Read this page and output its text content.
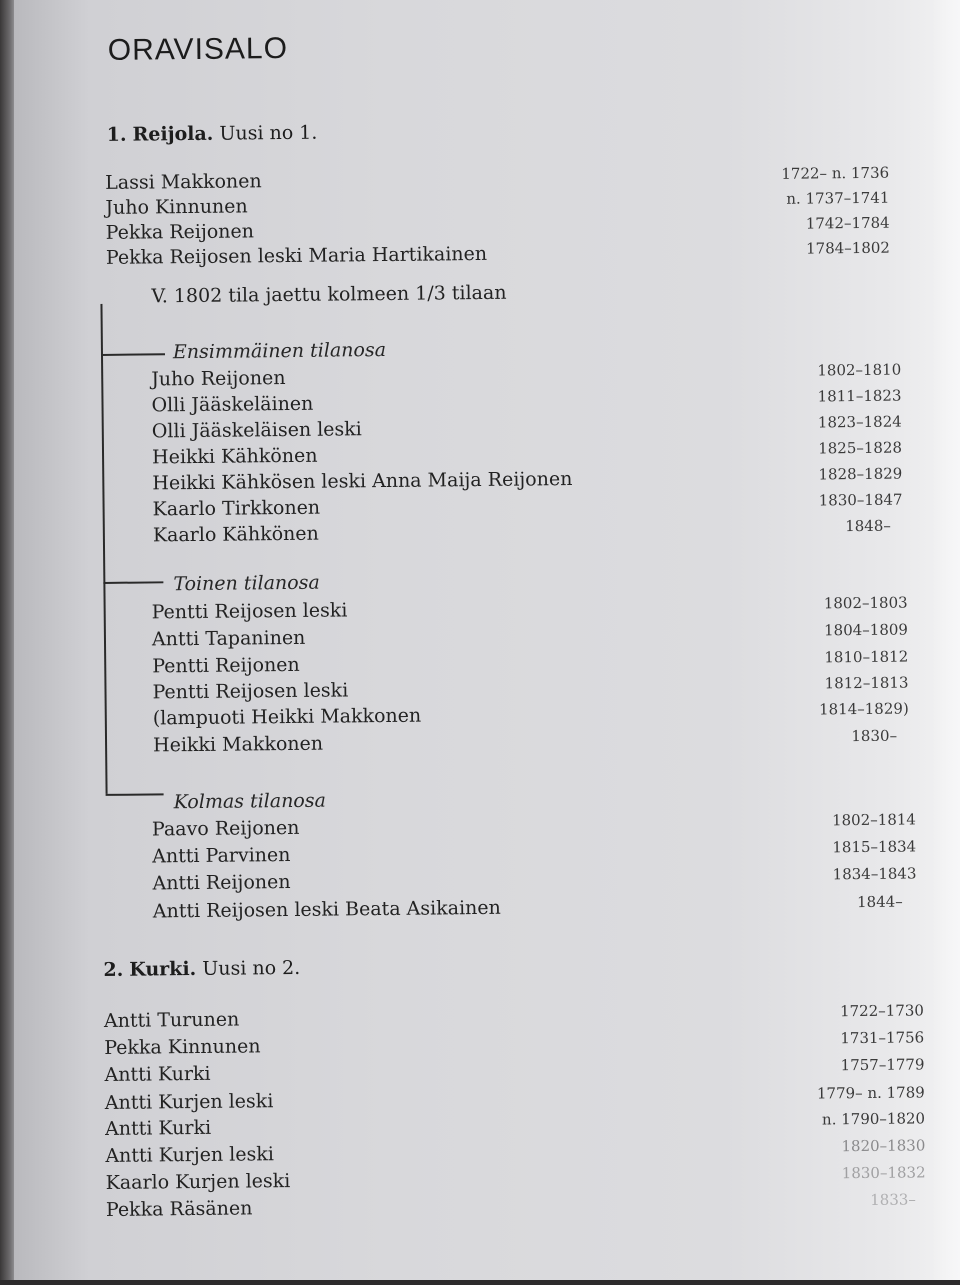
ORAVISALO
1. Reijola. Uusi no 1.
Lassi Makkonen	1722– n. 1736
Juho Kinnunen	n. 1737–1741
Pekka Reijonen	1742–1784
Pekka Reijosen leski Maria Hartikainen	1784–1802
V. 1802 tila jaettu kolmeen 1/3 tilaan
Ensimmäinen tilanosa
Juho Reijonen	1802–1810
Olli Jääskeläinen	1811–1823
Olli Jääskeläisen leski	1823–1824
Heikki Kähkönen	1825–1828
Heikki Kähkösen leski Anna Maija Reijonen	1828–1829
Kaarlo Tirkkonen	1830–1847
Kaarlo Kähkönen	1848–
Toinen tilanosa
Pentti Reijosen leski	1802–1803
Antti Tapaninen	1804–1809
Pentti Reijonen	1810–1812
Pentti Reijosen leski	1812–1813
(lampuoti Heikki Makkonen	1814–1829)
Heikki Makkonen	1830–
Kolmas tilanosa
Paavo Reijonen	1802–1814
Antti Parvinen	1815–1834
Antti Reijonen	1834–1843
Antti Reijosen leski Beata Asikainen	1844–
2. Kurki. Uusi no 2.
Antti Turunen	1722–1730
Pekka Kinnunen	1731–1756
Antti Kurki	1757–1779
Antti Kurjen leski	1779– n. 1789
Antti Kurki	n. 1790–1820
Antti Kurjen leski	1820–1830
Kaarlo Kurjen leski	1830–1832
Pekka Räsänen	1833–
